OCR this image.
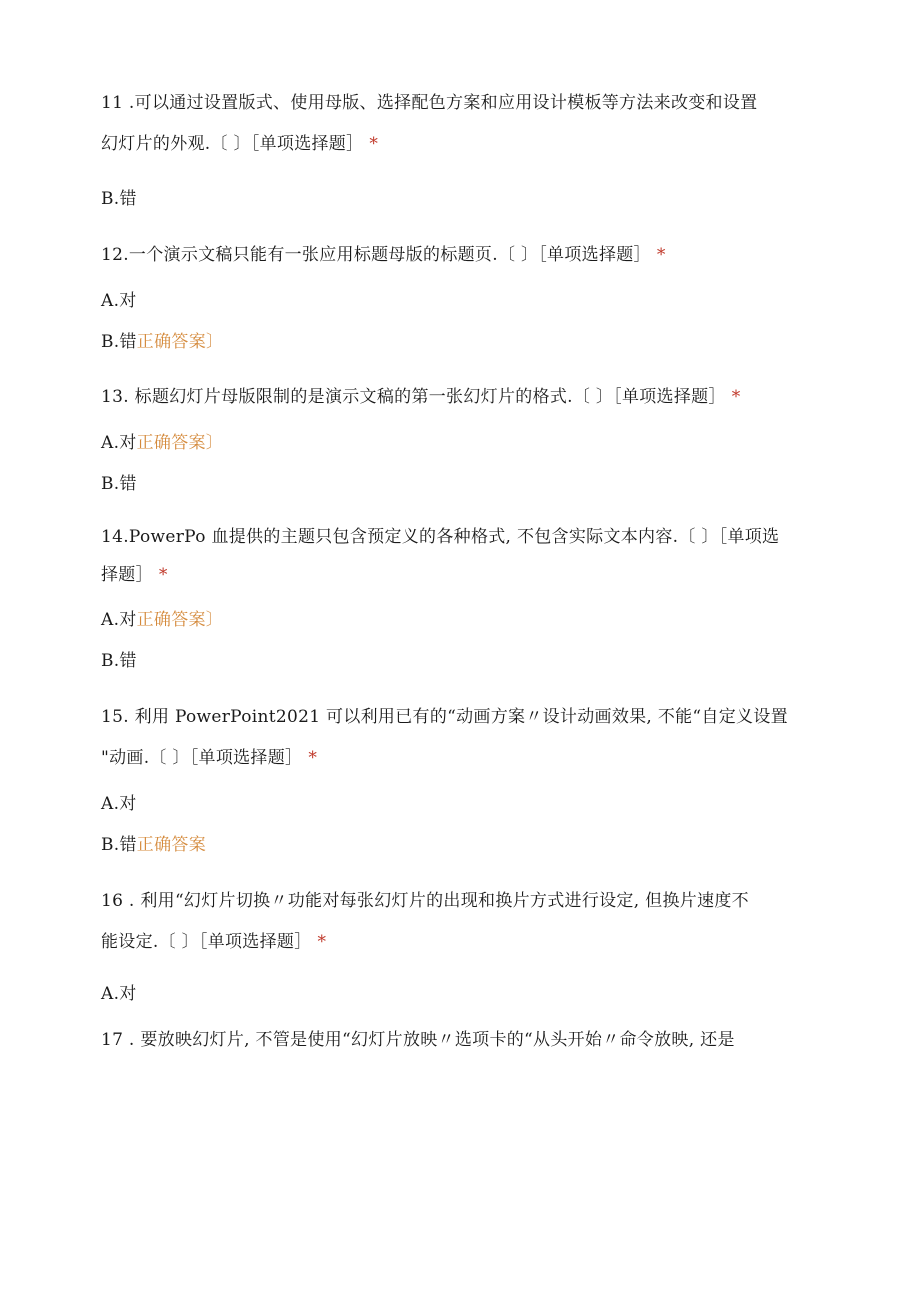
11 .可以通过设置版式、使用母版、选择配色方案和应用设计模板等方法来改变和设置
幻灯片的外观.〔 〕［单项选择题］ *
B.错
12.一个演示文稿只能有一张应用标题母版的标题页.〔 〕［单项选择题］ *
A.对
B.错正确答案〕
13. 标题幻灯片母版限制的是演示文稿的第一张幻灯片的格式.〔 〕［单项选择题］ *
A.对正确答案〕
B.错
14.PowerPo 血提供的主题只包含预定义的各种格式, 不包含实际文本内容.〔 〕［单项选
择题］ *
A.对正确答案〕
B.错
15. 利用 PowerPoint2021 可以利用已有的“动画方案〃设计动画效果, 不能“自定义设置
"动画.〔 〕［单项选择题］ *
A.对
B.错正确答案
16 . 利用“幻灯片切换〃功能对每张幻灯片的出现和换片方式进行设定, 但换片速度不
能设定.〔 〕［单项选择题］ *
A.对
17 . 要放映幻灯片, 不管是使用“幻灯片放映〃选项卡的“从头开始〃命令放映, 还是
